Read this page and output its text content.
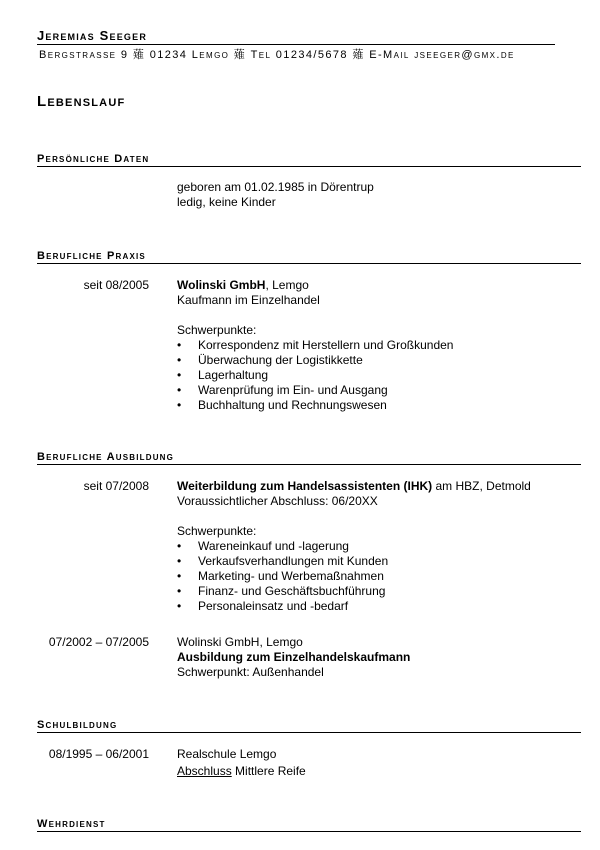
Jeremias Seeger
Bergstrasse 9 薙 01234 Lemgo 薙 Tel 01234/5678 薙 E-Mail jseeger@gmx.de
Lebenslauf
Persönliche Daten
geboren am 01.02.1985 in Dörentrup
ledig, keine Kinder
Berufliche Praxis
seit 08/2005 Wolinski GmbH, Lemgo
Kaufmann im Einzelhandel
Schwerpunkte:
• Korrespondenz mit Herstellern und Großkunden
• Überwachung der Logistikkette
• Lagerhaltung
• Warenprüfung im Ein- und Ausgang
• Buchhaltung und Rechnungswesen
Berufliche Ausbildung
seit 07/2008 Weiterbildung zum Handelsassistenten (IHK) am HBZ, Detmold
Voraussichtlicher Abschluss: 06/20XX
Schwerpunkte:
• Wareneinkauf und -lagerung
• Verkaufsverhandlungen mit Kunden
• Marketing- und Werbemaßnahmen
• Finanz- und Geschäftsbuchführung
• Personaleinsatz und -bedarf
07/2002 – 07/2005 Wolinski GmbH, Lemgo
Ausbildung zum Einzelhandelskaufmann
Schwerpunkt: Außenhandel
Schulbildung
08/1995 – 06/2001 Realschule Lemgo
Abschluss Mittlere Reife
Wehrdienst
